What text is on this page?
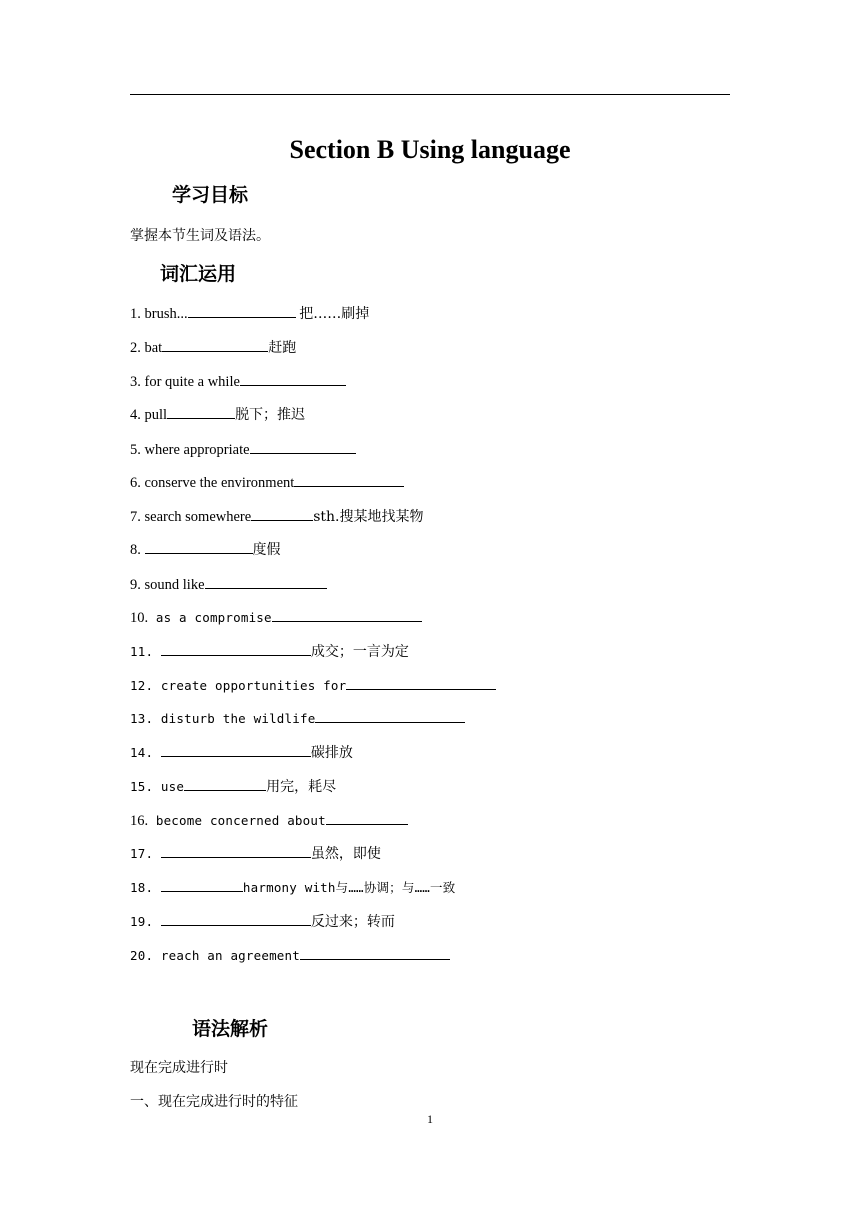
Section B Using language
学习目标
掌握本节生词及语法。
词汇运用
1. brush...	把……刷掉
2. bat	赶跑
3. for quite a while
4. pull	脱下；推迟
5. where appropriate
6. conserve the environment
7. search somewhere	sth.搜某地找某物
8.	度假
9. sound like
10. as a compromise
11.	成交；一言为定
12. create opportunities for
13. disturb the wildlife
14.	碳排放
15. use	用完，耗尽
16. become concerned about
17.	虽然，即使
18.	harmony with与……协调；与……一致
19.	反过来；转而
20. reach an agreement
语法解析
现在完成进行时
一、现在完成进行时的特征
1
